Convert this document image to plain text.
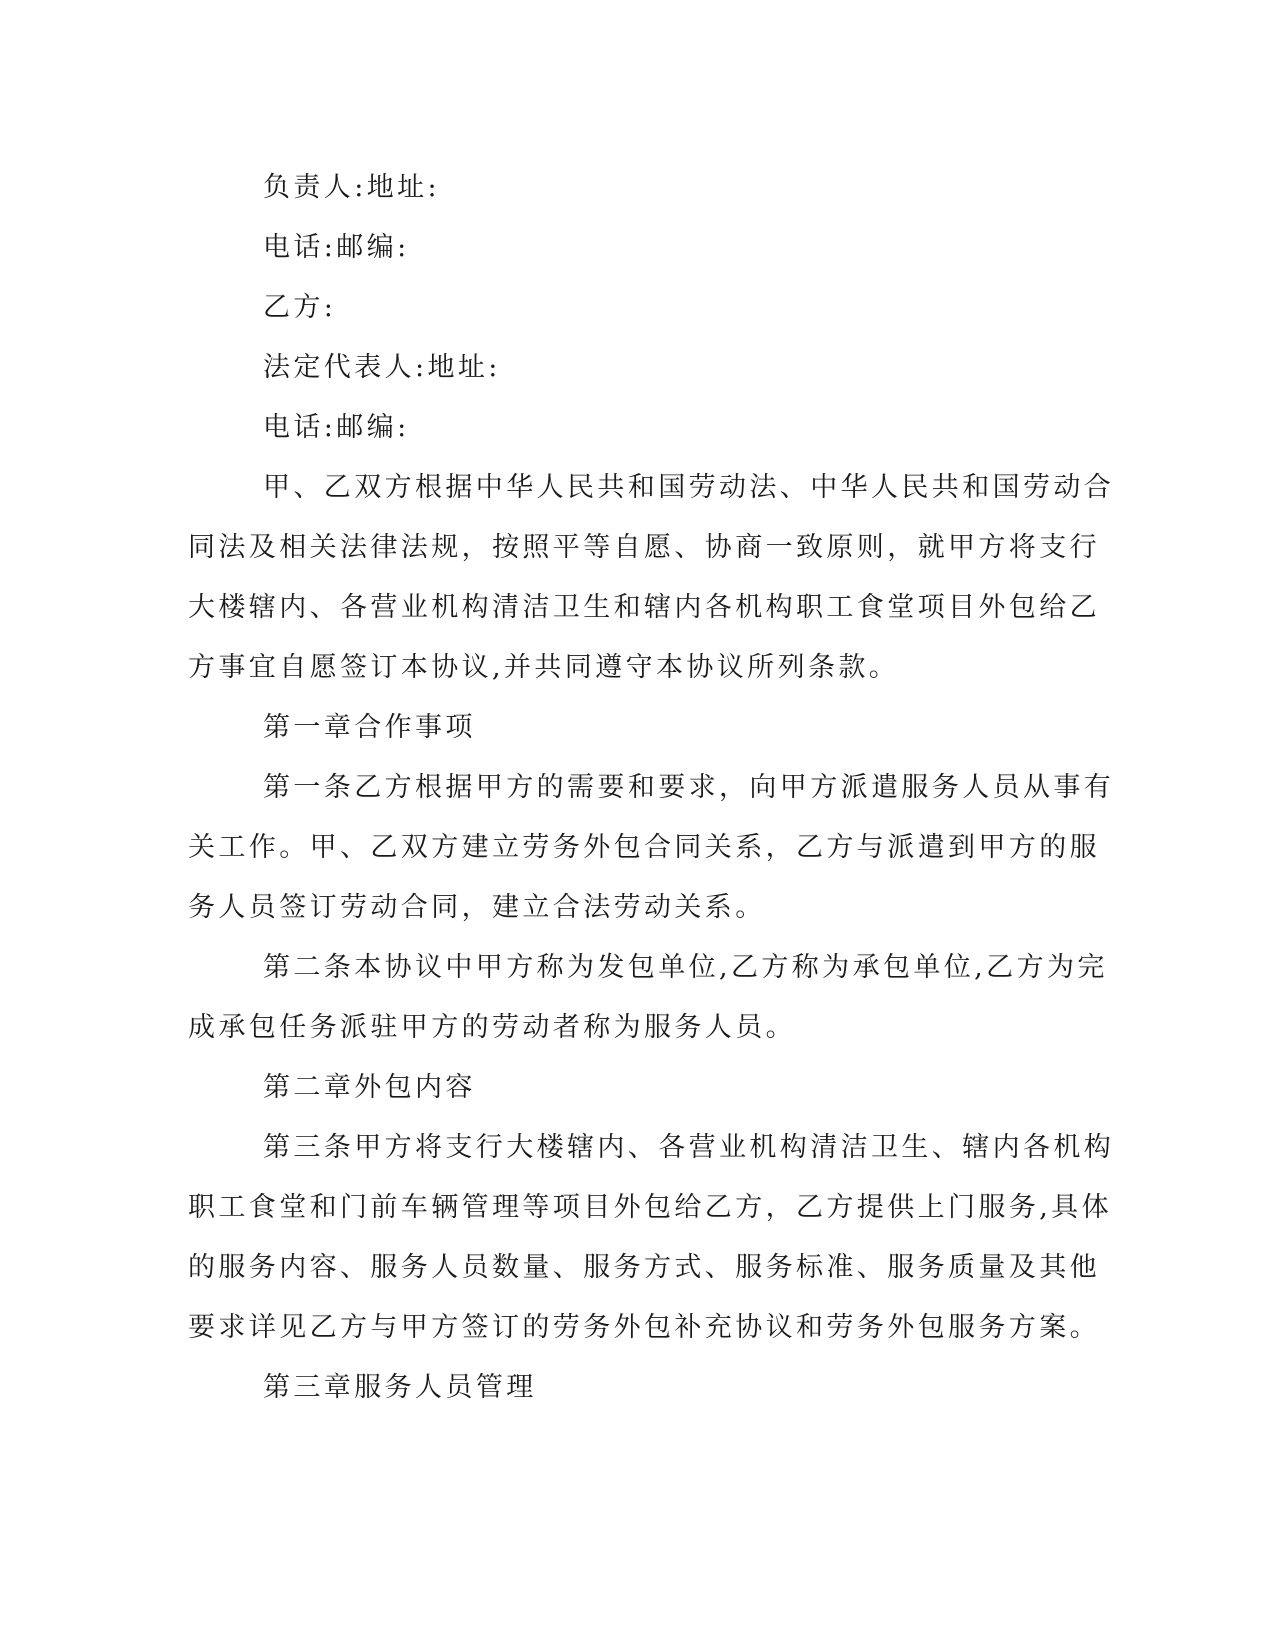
负责人:地址:

电话:邮编:

乙方:

法定代表人:地址:

电话:邮编:

甲、乙双方根据中华人民共和国劳动法、中华人民共和国劳动合

同法及相关法律法规，按照平等自愿、协商一致原则，就甲方将支行

大楼辖内、各营业机构清洁卫生和辖内各机构职工食堂项目外包给乙

方事宜自愿签订本协议,并共同遵守本协议所列条款。

第一章合作事项

第一条乙方根据甲方的需要和要求，向甲方派遣服务人员从事有

关工作。甲、乙双方建立劳务外包合同关系，乙方与派遣到甲方的服

务人员签订劳动合同，建立合法劳动关系。

第二条本协议中甲方称为发包单位,乙方称为承包单位,乙方为完

成承包任务派驻甲方的劳动者称为服务人员。

第二章外包内容

第三条甲方将支行大楼辖内、各营业机构清洁卫生、辖内各机构

职工食堂和门前车辆管理等项目外包给乙方，乙方提供上门服务,具体

的服务内容、服务人员数量、服务方式、服务标准、服务质量及其他

要求详见乙方与甲方签订的劳务外包补充协议和劳务外包服务方案。

第三章服务人员管理
